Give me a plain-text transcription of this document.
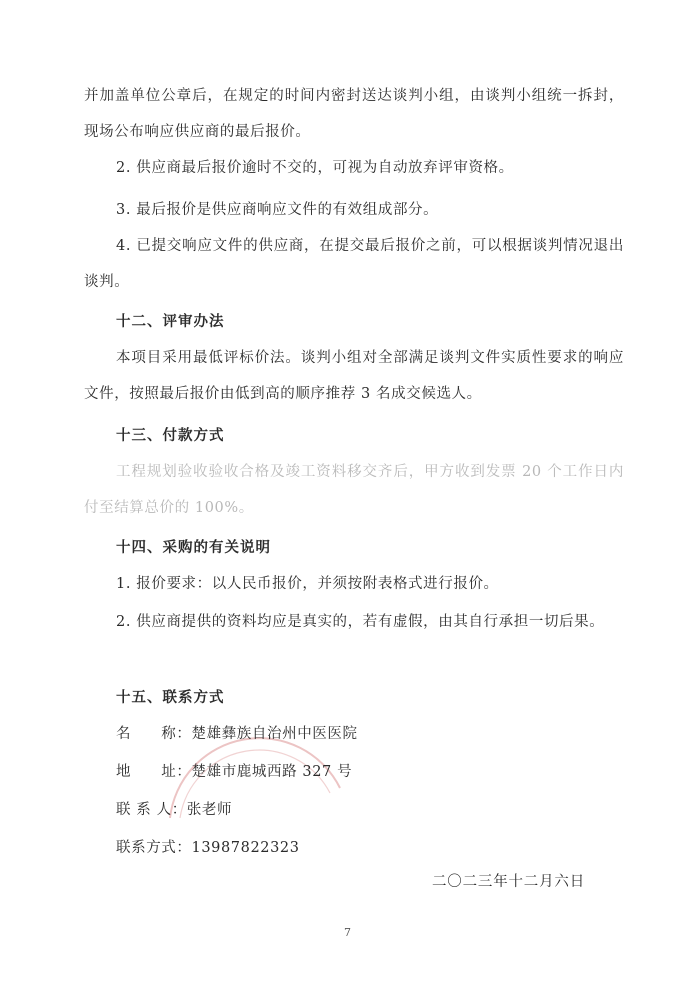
并加盖单位公章后，在规定的时间内密封送达谈判小组，由谈判小组统一拆封，现场公布响应供应商的最后报价。

2. 供应商最后报价逾时不交的，可视为自动放弃评审资格。

3. 最后报价是供应商响应文件的有效组成部分。

4. 已提交响应文件的供应商，在提交最后报价之前，可以根据谈判情况退出谈判。

十二、评审办法

本项目采用最低评标价法。谈判小组对全部满足谈判文件实质性要求的响应文件，按照最后报价由低到高的顺序推荐 3 名成交候选人。

十三、付款方式

工程规划验收验收合格及竣工资料移交齐后，甲方收到发票 20 个工作日内付至结算总价的 100%。

十四、采购的有关说明

1. 报价要求：以人民币报价，并须按附表格式进行报价。

2. 供应商提供的资料均应是真实的，若有虚假，由其自行承担一切后果。

十五、联系方式
名　　称：楚雄彝族自治州中医医院
地　　址：楚雄市鹿城西路 327 号
联 系 人：张老师
联系方式：13987822323
二〇二三年十二月六日
7
